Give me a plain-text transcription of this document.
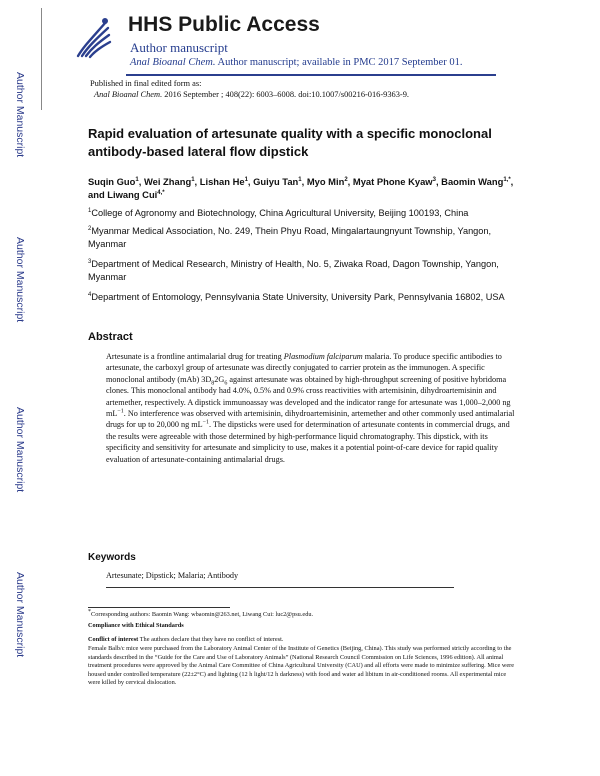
Author Manuscript
Author Manuscript
Author Manuscript
Author Manuscript
HHS Public Access
Author manuscript
Anal Bioanal Chem. Author manuscript; available in PMC 2017 September 01.
Published in final edited form as:
Anal Bioanal Chem. 2016 September ; 408(22): 6003–6008. doi:10.1007/s00216-016-9363-9.
Rapid evaluation of artesunate quality with a specific monoclonal antibody-based lateral flow dipstick
Suqin Guo$^1$, Wei Zhang$^1$, Lishan He$^1$, Guiyu Tan$^1$, Myo Min$^2$, Myat Phone Kyaw$^3$, Baomin Wang$^{1,*}$, and Liwang Cui$^{4,*}$
$^1$College of Agronomy and Biotechnology, China Agricultural University, Beijing 100193, China
$^2$Myanmar Medical Association, No. 249, Thein Phyu Road, Mingalartaungnyunt Township, Yangon, Myanmar
$^3$Department of Medical Research, Ministry of Health, No. 5, Ziwaka Road, Dagon Township, Yangon, Myanmar
$^4$Department of Entomology, Pennsylvania State University, University Park, Pennsylvania 16802, USA
Abstract
Artesunate is a frontline antimalarial drug for treating Plasmodium falciparum malaria. To produce specific antibodies to artesunate, the carboxyl group of artesunate was directly conjugated to carrier protein as the immunogen. A specific monoclonal antibody (mAb) $3D_82G_6$ against artesunate was obtained by high-throughput screening of positive hybridoma clones. This monoclonal antibody had 4.0%, 0.5% and 0.9% cross reactivities with artemisinin, dihydroartemisinin and artemether, respectively. A dipstick immunoassay was developed and the indicator range for artesunate was 1,000–2,000 ng $mL^{-1}$. No interference was observed with artemisinin, dihydroartemisinin, artemether and other commonly used antimalarial drugs for up to 20,000 ng $mL^{-1}$. The dipsticks were used for determination of artesunate contents in commercial drugs, and the results were agreeable with those determined by high-performance liquid chromatography. This dipstick, with its specificity and sensitivity for artesunate and simplicity to use, makes it a potential point-of-care device for rapid quality evaluation of artesunate-containing antimalarial drugs.
Keywords
Artesunate; Dipstick; Malaria; Antibody
*Corresponding authors: Baomin Wang: wbaomin@263.net, Liwang Cui: luc2@psu.edu.
Compliance with Ethical Standards
Conflict of interest The authors declare that they have no conflict of interest.
Female Balb/c mice were purchased from the Laboratory Animal Center of the Institute of Genetics (Beijing, China). This study was performed strictly according to the standards described in the “Guide for the Care and Use of Laboratory Animals” (National Research Council Commission on Life Sciences, 1996 edition). All animal treatment procedures were approved by the Animal Care Committee of China Agricultural University (CAU) and all efforts were made to minimize suffering. Mice were housed under controlled temperature (22±2°C) and lighting (12 h light/12 h darkness) with food and water ad libitum in air-conditioned rooms. All experimental mice were killed by cervical dislocation.
